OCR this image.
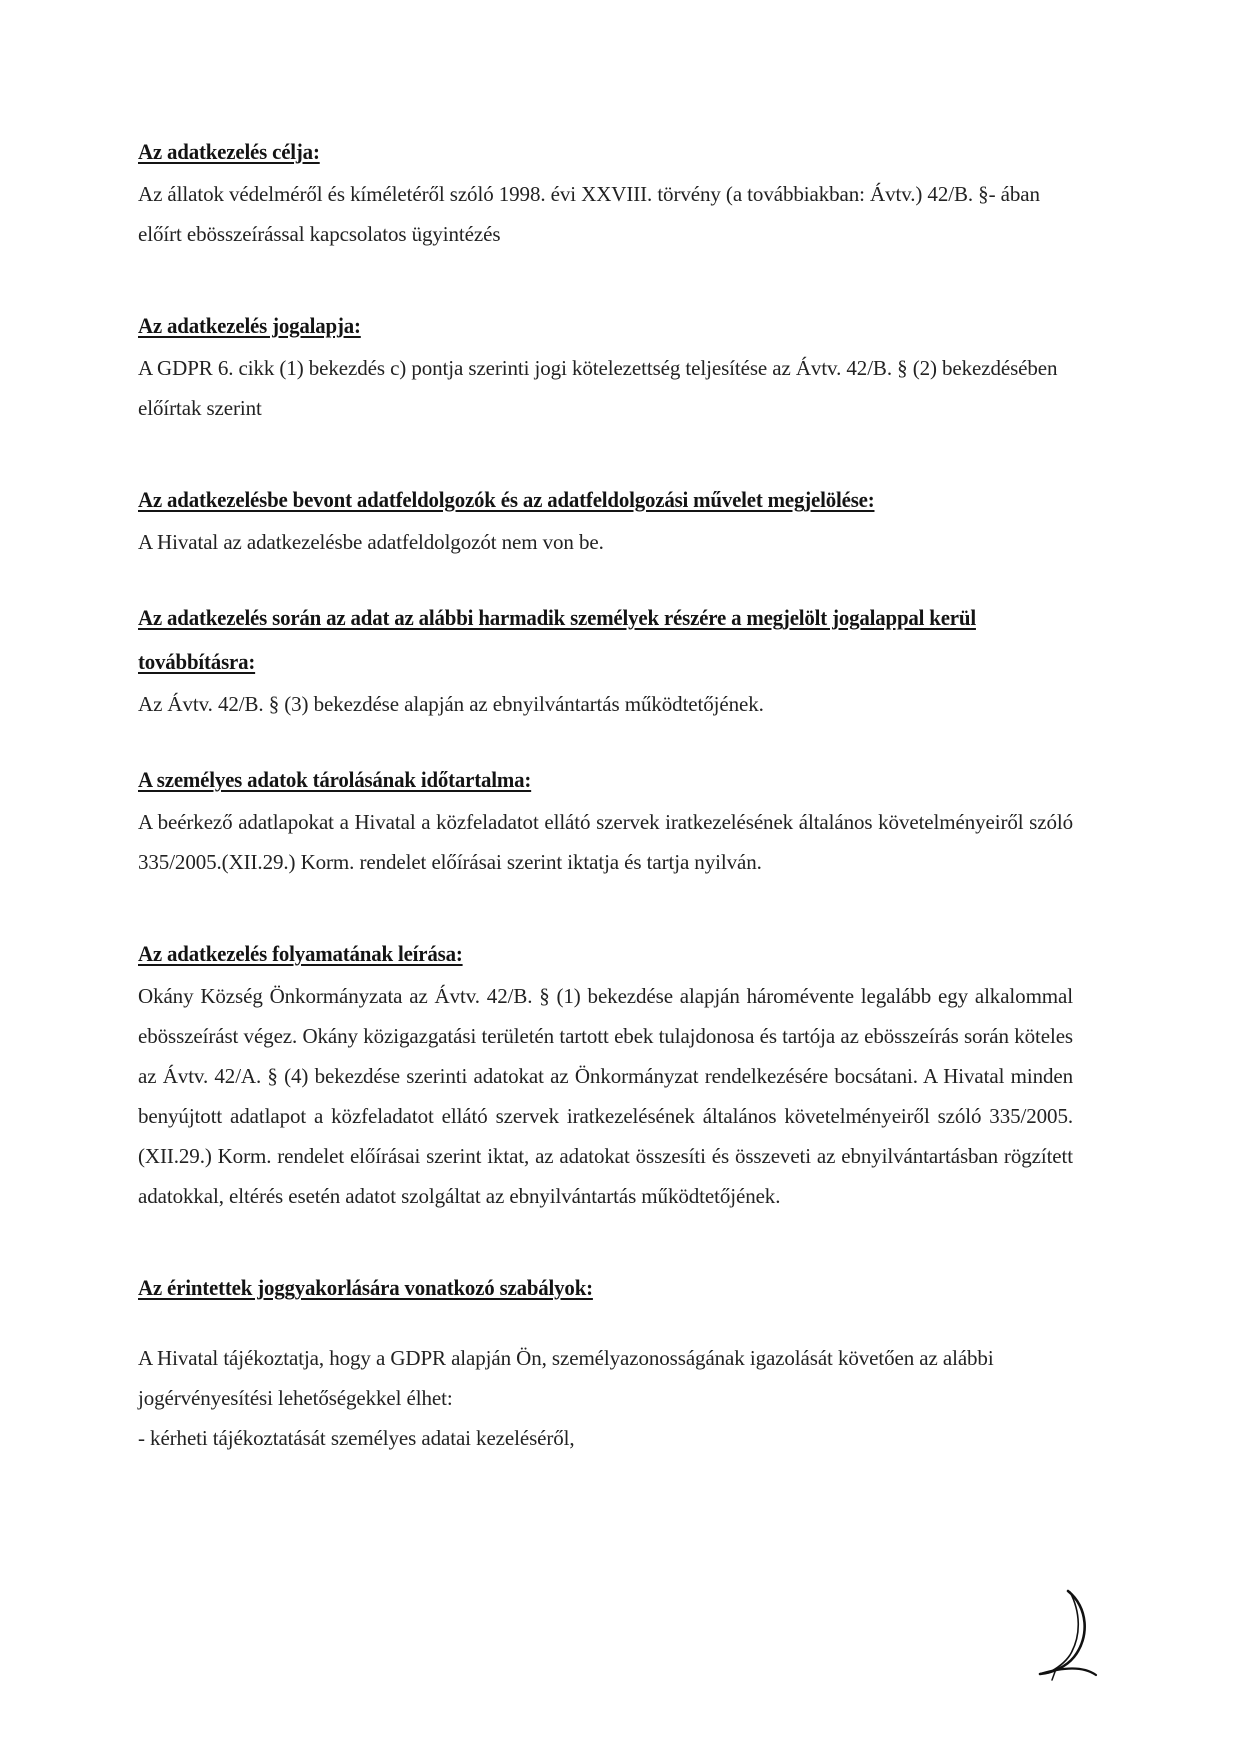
Az adatkezelés célja:

Az állatok védelméről és kíméletéről szóló 1998. évi XXVIII. törvény (a továbbiakban: Ávtv.) 42/B. §- ában előírt ebösszeírással kapcsolatos ügyintézés

Az adatkezelés jogalapja:

A GDPR 6. cikk (1) bekezdés c) pontja szerinti jogi kötelezettség teljesítése az Ávtv. 42/B. § (2) bekezdésében előírtak szerint

Az adatkezelésbe bevont adatfeldolgozók és az adatfeldolgozási művelet megjelölése:

A Hivatal az adatkezelésbe adatfeldolgozót nem von be.

Az adatkezelés során az adat az alábbi harmadik személyek részére a megjelölt jogalappal kerül továbbításra:

Az Ávtv. 42/B. § (3) bekezdése alapján az ebnyilvántartás működtetőjének.

A személyes adatok tárolásának időtartalma:

A beérkező adatlapokat a Hivatal a közfeladatot ellátó szervek iratkezelésének általános követelményeiről szóló 335/2005.(XII.29.) Korm. rendelet előírásai szerint iktatja és tartja nyilván.

Az adatkezelés folyamatának leírása:

Okány Község Önkormányzata az Ávtv. 42/B. § (1) bekezdése alapján háromévente legalább egy alkalommal ebösszeírást végez. Okány közigazgatási területén tartott ebek tulajdonosa és tartója az ebösszeírás során köteles az Ávtv. 42/A. § (4) bekezdése szerinti adatokat az Önkormányzat rendelkezésére bocsátani. A Hivatal minden benyújtott adatlapot a közfeladatot ellátó szervek iratkezelésének általános követelményeiről szóló 335/2005.(XII.29.) Korm. rendelet előírásai szerint iktat, az adatokat összesíti és összeveti az ebnyilvántartásban rögzített adatokkal, eltérés esetén adatot szolgáltat az ebnyilvántartás működtetőjének.

Az érintettek joggyakorlására vonatkozó szabályok:

A Hivatal tájékoztatja, hogy a GDPR alapján Ön, személyazonosságának igazolását követően az alábbi jogérvényesítési lehetőségekkel élhet:

- kérheti tájékoztatását személyes adatai kezeléséről,
